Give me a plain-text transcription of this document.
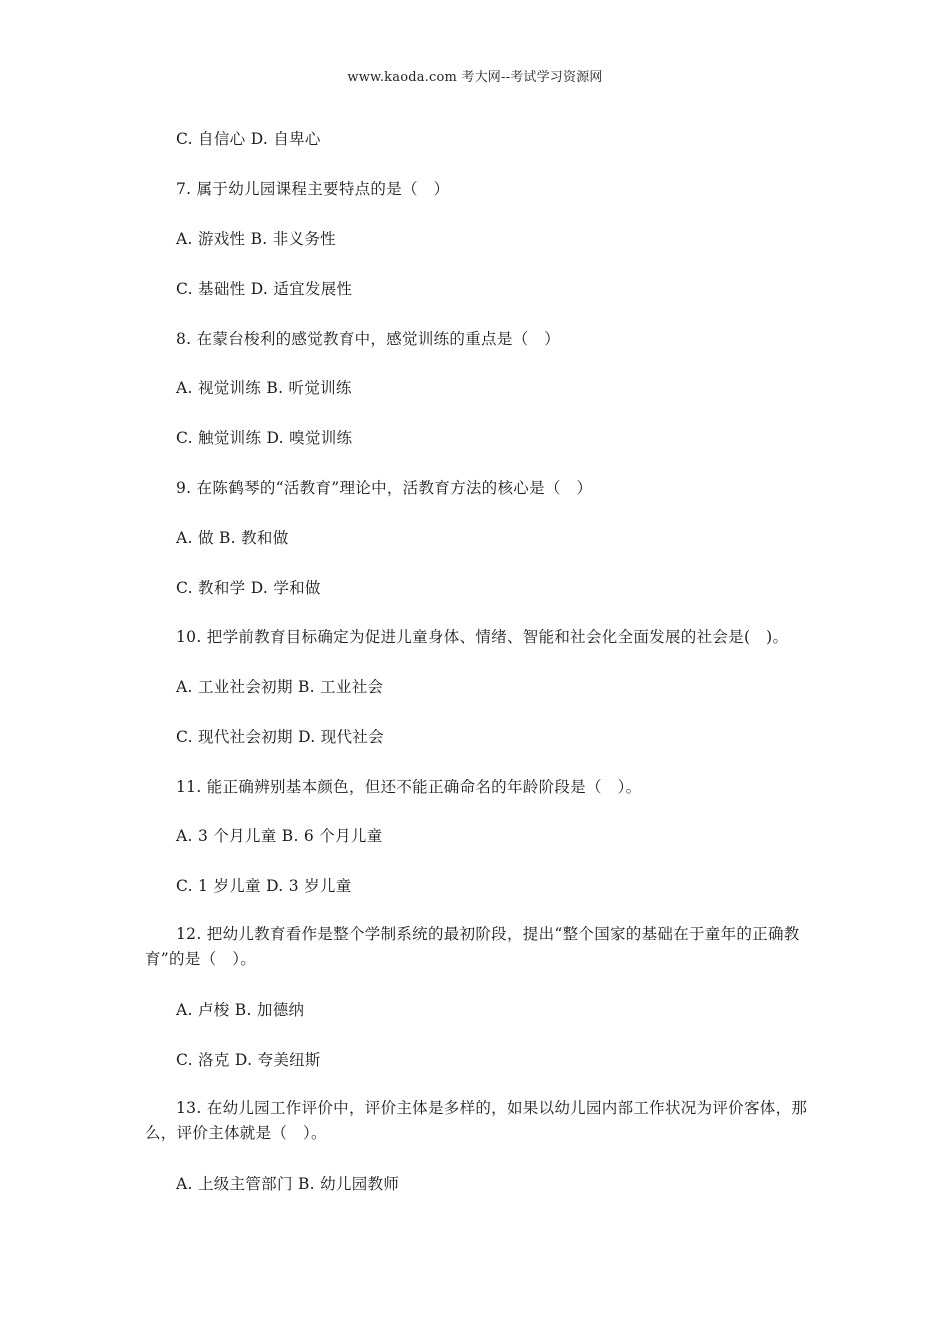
www.kaoda.com 考大网--考试学习资源网
C. 自信心 D. 自卑心
7. 属于幼儿园课程主要特点的是（　）
A. 游戏性 B. 非义务性
C. 基础性 D. 适宜发展性
8. 在蒙台梭利的感觉教育中，感觉训练的重点是（　）
A. 视觉训练 B. 听觉训练
C. 触觉训练 D. 嗅觉训练
9. 在陈鹤琴的“活教育”理论中，活教育方法的核心是（　）
A. 做 B. 教和做
C. 教和学 D. 学和做
10. 把学前教育目标确定为促进儿童身体、情绪、智能和社会化全面发展的社会是(　)。
A. 工业社会初期 B. 工业社会
C. 现代社会初期 D. 现代社会
11. 能正确辨别基本颜色，但还不能正确命名的年龄阶段是（　）。
A. 3 个月儿童 B. 6 个月儿童
C. 1 岁儿童 D. 3 岁儿童
12. 把幼儿教育看作是整个学制系统的最初阶段，提出“整个国家的基础在于童年的正确教育”的是（　）。
A. 卢梭 B. 加德纳
C. 洛克 D. 夸美纽斯
13. 在幼儿园工作评价中，评价主体是多样的，如果以幼儿园内部工作状况为评价客体，那么，评价主体就是（　）。
A. 上级主管部门 B. 幼儿园教师
